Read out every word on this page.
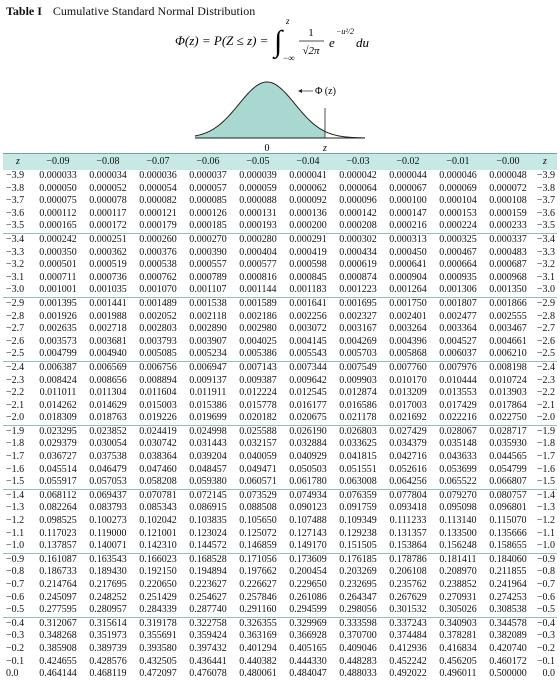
Table I Cumulative Standard Normal Distribution
Φ(z) = P(Z ≤ z) = ∫
z
−∞
1
√2π
e
−u²/2
du
Φ (z)
0	z
z	−0.09	−0.08	−0.07	−0.06	−0.05	−0.04	−0.03	−0.02	−0.01	−0.00	z
−3.9	0.000033	0.000034	0.000036	0.000037	0.000039	0.000041	0.000042	0.000044	0.000046	0.000048	−3.9
−3.8	0.000050	0.000052	0.000054	0.000057	0.000059	0.000062	0.000064	0.000067	0.000069	0.000072	−3.8
−3.7	0.000075	0.000078	0.000082	0.000085	0.000088	0.000092	0.000096	0.000100	0.000104	0.000108	−3.7
−3.6	0.000112	0.000117	0.000121	0.000126	0.000131	0.000136	0.000142	0.000147	0.000153	0.000159	−3.6
−3.5	0.000165	0.000172	0.000179	0.000185	0.000193	0.000200	0.000208	0.000216	0.000224	0.000233	−3.5
−3.4	0.000242	0.000251	0.000260	0.000270	0.000280	0.000291	0.000302	0.000313	0.000325	0.000337	−3.4
−3.3	0.000350	0.000362	0.000376	0.000390	0.000404	0.000419	0.000434	0.000450	0.000467	0.000483	−3.3
−3.2	0.000501	0.000519	0.000538	0.000557	0.000577	0.000598	0.000619	0.000641	0.000664	0.000687	−3.2
−3.1	0.000711	0.000736	0.000762	0.000789	0.000816	0.000845	0.000874	0.000904	0.000935	0.000968	−3.1
−3.0	0.001001	0.001035	0.001070	0.001107	0.001144	0.001183	0.001223	0.001264	0.001306	0.001350	−3.0
−2.9	0.001395	0.001441	0.001489	0.001538	0.001589	0.001641	0.001695	0.001750	0.001807	0.001866	−2.9
−2.8	0.001926	0.001988	0.002052	0.002118	0.002186	0.002256	0.002327	0.002401	0.002477	0.002555	−2.8
−2.7	0.002635	0.002718	0.002803	0.002890	0.002980	0.003072	0.003167	0.003264	0.003364	0.003467	−2.7
−2.6	0.003573	0.003681	0.003793	0.003907	0.004025	0.004145	0.004269	0.004396	0.004527	0.004661	−2.6
−2.5	0.004799	0.004940	0.005085	0.005234	0.005386	0.005543	0.005703	0.005868	0.006037	0.006210	−2.5
−2.4	0.006387	0.006569	0.006756	0.006947	0.007143	0.007344	0.007549	0.007760	0.007976	0.008198	−2.4
−2.3	0.008424	0.008656	0.008894	0.009137	0.009387	0.009642	0.009903	0.010170	0.010444	0.010724	−2.3
−2.2	0.011011	0.011304	0.011604	0.011911	0.012224	0.012545	0.012874	0.013209	0.013553	0.013903	−2.2
−2.1	0.014262	0.014629	0.015003	0.015386	0.015778	0.016177	0.016586	0.017003	0.017429	0.017864	−2.1
−2.0	0.018309	0.018763	0.019226	0.019699	0.020182	0.020675	0.021178	0.021692	0.022216	0.022750	−2.0
−1.9	0.023295	0.023852	0.024419	0.024998	0.025588	0.026190	0.026803	0.027429	0.028067	0.028717	−1.9
−1.8	0.029379	0.030054	0.030742	0.031443	0.032157	0.032884	0.033625	0.034379	0.035148	0.035930	−1.8
−1.7	0.036727	0.037538	0.038364	0.039204	0.040059	0.040929	0.041815	0.042716	0.043633	0.044565	−1.7
−1.6	0.045514	0.046479	0.047460	0.048457	0.049471	0.050503	0.051551	0.052616	0.053699	0.054799	−1.6
−1.5	0.055917	0.057053	0.058208	0.059380	0.060571	0.061780	0.063008	0.064256	0.065522	0.066807	−1.5
−1.4	0.068112	0.069437	0.070781	0.072145	0.073529	0.074934	0.076359	0.077804	0.079270	0.080757	−1.4
−1.3	0.082264	0.083793	0.085343	0.086915	0.088508	0.090123	0.091759	0.093418	0.095098	0.096801	−1.3
−1.2	0.098525	0.100273	0.102042	0.103835	0.105650	0.107488	0.109349	0.111233	0.113140	0.115070	−1.2
−1.1	0.117023	0.119000	0.121001	0.123024	0.125072	0.127143	0.129238	0.131357	0.133500	0.135666	−1.1
−1.0	0.137857	0.140071	0.142310	0.144572	0.146859	0.149170	0.151505	0.153864	0.156248	0.158655	−1.0
−0.9	0.161087	0.163543	0.166023	0.168528	0.171056	0.173609	0.176185	0.178786	0.181411	0.184060	−0.9
−0.8	0.186733	0.189430	0.192150	0.194894	0.197662	0.200454	0.203269	0.206108	0.208970	0.211855	−0.8
−0.7	0.214764	0.217695	0.220650	0.223627	0.226627	0.229650	0.232695	0.235762	0.238852	0.241964	−0.7
−0.6	0.245097	0.248252	0.251429	0.254627	0.257846	0.261086	0.264347	0.267629	0.270931	0.274253	−0.6
−0.5	0.277595	0.280957	0.284339	0.287740	0.291160	0.294599	0.298056	0.301532	0.305026	0.308538	−0.5
−0.4	0.312067	0.315614	0.319178	0.322758	0.326355	0.329969	0.333598	0.337243	0.340903	0.344578	−0.4
−0.3	0.348268	0.351973	0.355691	0.359424	0.363169	0.366928	0.370700	0.374484	0.378281	0.382089	−0.3
−0.2	0.385908	0.389739	0.393580	0.397432	0.401294	0.405165	0.409046	0.412936	0.416834	0.420740	−0.2
−0.1	0.424655	0.428576	0.432505	0.436441	0.440382	0.444330	0.448283	0.452242	0.456205	0.460172	−0.1
0.0	0.464144	0.468119	0.472097	0.476078	0.480061	0.484047	0.488033	0.492022	0.496011	0.500000	0.0
